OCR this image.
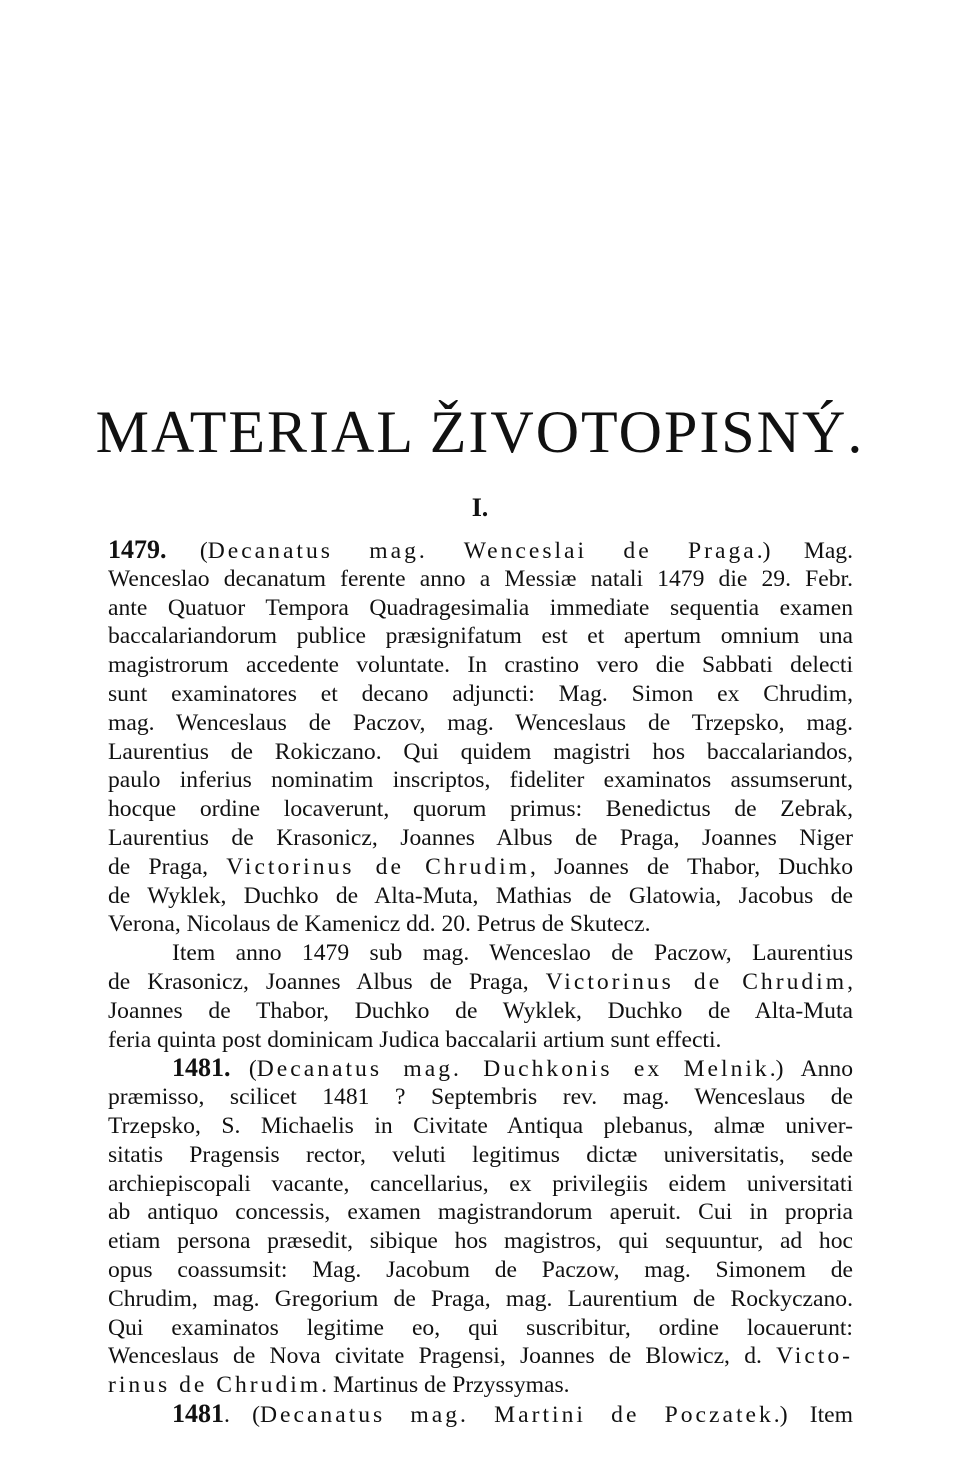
MATERIAL ŽIVOTOPISNÝ.
I.
1479. (Decanatus mag. Wenceslai de Praga.) Mag.
Wenceslao decanatum ferente anno a Messiæ natali 1479 die 29. Febr.
ante Quatuor Tempora Quadragesimalia immediate sequentia examen
baccalariandorum publice præsignifatum est et apertum omnium una
magistrorum accedente voluntate. In crastino vero die Sabbati delecti
sunt examinatores et decano adjuncti: Mag. Simon ex Chrudim,
mag. Wenceslaus de Paczov, mag. Wenceslaus de Trzepsko, mag.
Laurentius de Rokiczano. Qui quidem magistri hos baccalariandos,
paulo inferius nominatim inscriptos, fideliter examinatos assumserunt,
hocque ordine locaverunt, quorum primus: Benedictus de Zebrak,
Laurentius de Krasonicz, Joannes Albus de Praga, Joannes Niger
de Praga, Victorinus de Chrudim, Joannes de Thabor, Duchko
de Wyklek, Duchko de Alta-Muta, Mathias de Glatowia, Jacobus de
Verona, Nicolaus de Kamenicz dd. 20. Petrus de Skutecz.
Item anno 1479 sub mag. Wenceslao de Paczow, Laurentius
de Krasonicz, Joannes Albus de Praga, Victorinus de Chrudim,
Joannes de Thabor, Duchko de Wyklek, Duchko de Alta-Muta
feria quinta post dominicam Judica baccalarii artium sunt effecti.
1481. (Decanatus mag. Duchkonis ex Melnik.) Anno
præmisso, scilicet 1481 ? Septembris rev. mag. Wenceslaus de
Trzepsko, S. Michaelis in Civitate Antiqua plebanus, almæ univer-
sitatis Pragensis rector, veluti legitimus dictæ universitatis, sede
archiepiscopali vacante, cancellarius, ex privilegiis eidem universitati
ab antiquo concessis, examen magistrandorum aperuit. Cui in propria
etiam persona præsedit, sibique hos magistros, qui sequuntur, ad hoc
opus coassumsit: Mag. Jacobum de Paczow, mag. Simonem de
Chrudim, mag. Gregorium de Praga, mag. Laurentium de Rockyczano.
Qui examinatos legitime eo, qui suscribitur, ordine locauerunt:
Wenceslaus de Nova civitate Pragensi, Joannes de Blowicz, d. Victo-
rinus de Chrudim. Martinus de Przyssymas.
1481. (Decanatus mag. Martini de Poczatek.) Item
